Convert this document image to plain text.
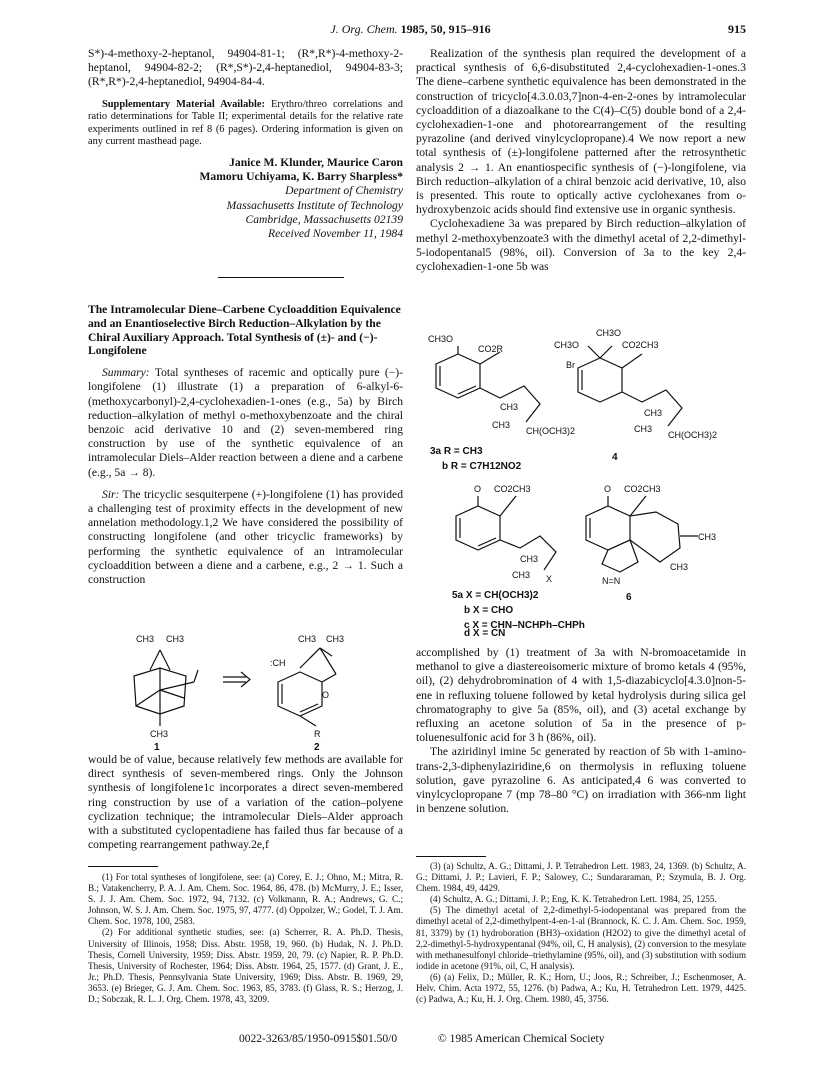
J. Org. Chem. 1985, 50, 915–916	915

S*)-4-methoxy-2-heptanol, 94904-81-1; (R*,R*)-4-methoxy-2-heptanol, 94904-82-2; (R*,S*)-2,4-heptanediol, 94904-83-3; (R*,R*)-2,4-heptanediol, 94904-84-4.

Supplementary Material Available: Erythro/threo correlations and ratio determinations for Table II; experimental details for the relative rate experiments outlined in ref 8 (6 pages). Ordering information is given on any current masthead page.

Janice M. Klunder, Maurice Caron
Mamoru Uchiyama, K. Barry Sharpless*
Department of Chemistry
Massachusetts Institute of Technology
Cambridge, Massachusetts 02139
Received November 11, 1984

The Intramolecular Diene–Carbene Cycloaddition Equivalence and an Enantioselective Birch Reduction–Alkylation by the Chiral Auxiliary Approach. Total Synthesis of (±)- and (−)-Longifolene

Summary: Total syntheses of racemic and optically pure (−)-longifolene (1) illustrate (1) a preparation of 6-alkyl-6-(methoxycarbonyl)-2,4-cyclohexadien-1-ones (e.g., 5a) by Birch reduction–alkylation of methyl o-methoxybenzoate and the chiral benzoic acid derivative 10 and (2) seven-membered ring construction by use of the synthetic equivalence of an intramolecular Diels–Alder reaction between a diene and a carbene (e.g., 5a → 8).

Sir: The tricyclic sesquiterpene (+)-longifolene (1) has provided a challenging test of proximity effects in the development of new annelation methodology.1,2 We have considered the possibility of constructing longifolene (and other tricyclic frameworks) by performing the synthetic equivalence of an intramolecular cycloaddition between a diene and a carbene, e.g., 2 → 1. Such a construction

CH3 CH3
CH3
1
O
CH3 CH3
:CH
R
2

would be of value, because relatively few methods are available for direct synthesis of seven-membered rings. Only the Johnson synthesis of longifolene1c incorporates a direct seven-membered ring construction by use of a variation of the cation–polyene cyclization technique; the intramolecular Diels–Alder approach with a substituted cyclopentadiene has failed thus far because of a competing rearrangement pathway.2e,f

(1) For total syntheses of longifolene, see: (a) Corey, E. J.; Ohno, M.; Mitra, R. B.; Vatakencherry, P. A. J. Am. Chem. Soc. 1964, 86, 478. (b) McMurry, J. E.; Isser, S. J. J. Am. Chem. Soc. 1972, 94, 7132. (c) Volkmann, R. A.; Andrews, G. C.; Johnson, W. S. J. Am. Chem. Soc. 1975, 97, 4777. (d) Oppolzer, W.; Godel, T. J. Am. Chem. Soc. 1978, 100, 2583.

(2) For additional synthetic studies, see: (a) Scherrer, R. A. Ph.D. Thesis, University of Illinois, 1958; Diss. Abstr. 1958, 19, 960. (b) Hudak, N. J. Ph.D. Thesis, Cornell University, 1959; Diss. Abstr. 1959, 20, 79. (c) Napier, R. P. Ph.D. Thesis, University of Rochester, 1964; Diss. Abstr. 1964, 25, 1577. (d) Grant, J. E., Jr.; Ph.D. Thesis, Pennsylvania State University, 1969; Diss. Abstr. B. 1969, 29, 3653. (e) Brieger, G. J. Am. Chem. Soc. 1963, 85, 3783. (f) Glass, R. S.; Herzog, J. D.; Sobczak, R. L. J. Org. Chem. 1978, 43, 3209.

Realization of the synthesis plan required the development of a practical synthesis of 6,6-disubstituted 2,4-cyclohexadien-1-ones.3 The diene–carbene synthetic equivalence has been demonstrated in the construction of tricyclo[4.3.0.03,7]non-4-en-2-ones by intramolecular cycloaddition of a diazoalkane to the C(4)–C(5) double bond of a 2,4-cyclohexadien-1-one and photorearrangement of the resulting pyrazoline (and derived vinylcyclopropane).4 We now report a new total synthesis of (±)-longifolene patterned after the retrosynthetic analysis 2 → 1. An enantiospecific synthesis of (−)-longifolene, via Birch reduction–alkylation of a chiral benzoic acid derivative, 10, also is presented. This route to optically active cyclohexanes from o-hydroxybenzoic acids should find extensive use in organic synthesis.

Cyclohexadiene 3a was prepared by Birch reduction–alkylation of methyl 2-methoxybenzoate3 with the dimethyl acetal of 2,2-dimethyl-5-iodopentanal5 (98%, oil). Conversion of 3a to the key 2,4-cyclohexadien-1-one 5b was

CH3O
CO2R
CH3
CH3
CH(OCH3)2
3a R = CH3
b R = C7H12NO2
CH3O
CH3O	CO2CH3
Br
CH3
CH3
CH(OCH3)2
4
O CO2CH3
CH3
CH3 X
5a X = CH(OCH3)2
b X = CHO
c X = CHN–NCHPh–CHPh
O CO2CH3
CH3
CH3
N=N
6
d X = CN

accomplished by (1) treatment of 3a with N-bromoacetamide in methanol to give a diastereoisomeric mixture of bromo ketals 4 (95%, oil), (2) dehydrobromination of 4 with 1,5-diazabicyclo[4.3.0]non-5-ene in refluxing toluene followed by ketal hydrolysis during silica gel chromatography to give 5a (85%, oil), and (3) acetal exchange by refluxing an acetone solution of 5a in the presence of p-toluenesulfonic acid for 3 h (86%, oil).

The aziridinyl imine 5c generated by reaction of 5b with 1-amino-trans-2,3-diphenylaziridine,6 on thermolysis in refluxing toluene solution, gave pyrazoline 6. As anticipated,4 6 was converted to vinylcyclopropane 7 (mp 78–80 °C) on irradiation with 366-nm light in benzene solution.

(3) (a) Schultz, A. G.; Dittami, J. P. Tetrahedron Lett. 1983, 24, 1369. (b) Schultz, A. G.; Dittami, J. P.; Lavieri, F. P.; Salowey, C.; Sundararaman, P.; Szymula, B. J. Org. Chem. 1984, 49, 4429.

(4) Schultz, A. G.; Dittami, J. P.; Eng, K. K. Tetrahedron Lett. 1984, 25, 1255.

(5) The dimethyl acetal of 2,2-dimethyl-5-iodopentanal was prepared from the dimethyl acetal of 2,2-dimethylpent-4-en-1-al (Brannock, K. C. J. Am. Chem. Soc. 1959, 81, 3379) by (1) hydroboration (BH3)–oxidation (H2O2) to give the dimethyl acetal of 2,2-dimethyl-5-hydroxypentanal (94%, oil, C, H analysis), (2) conversion to the mesylate with methanesulfonyl chloride–triethylamine (95%, oil), and (3) substitution with sodium iodide in acetone (91%, oil, C, H analysis).

(6) (a) Felix, D.; Müller, R. K.; Horn, U.; Joos, R.; Schreiber, J.; Eschenmoser, A. Helv. Chim. Acta 1972, 55, 1276. (b) Padwa, A.; Ku, H. Tetrahedron Lett. 1979, 4425. (c) Padwa, A.; Ku, H. J. Org. Chem. 1980, 45, 3756.

0022-3263/85/1950-0915$01.50/0	© 1985 American Chemical Society
